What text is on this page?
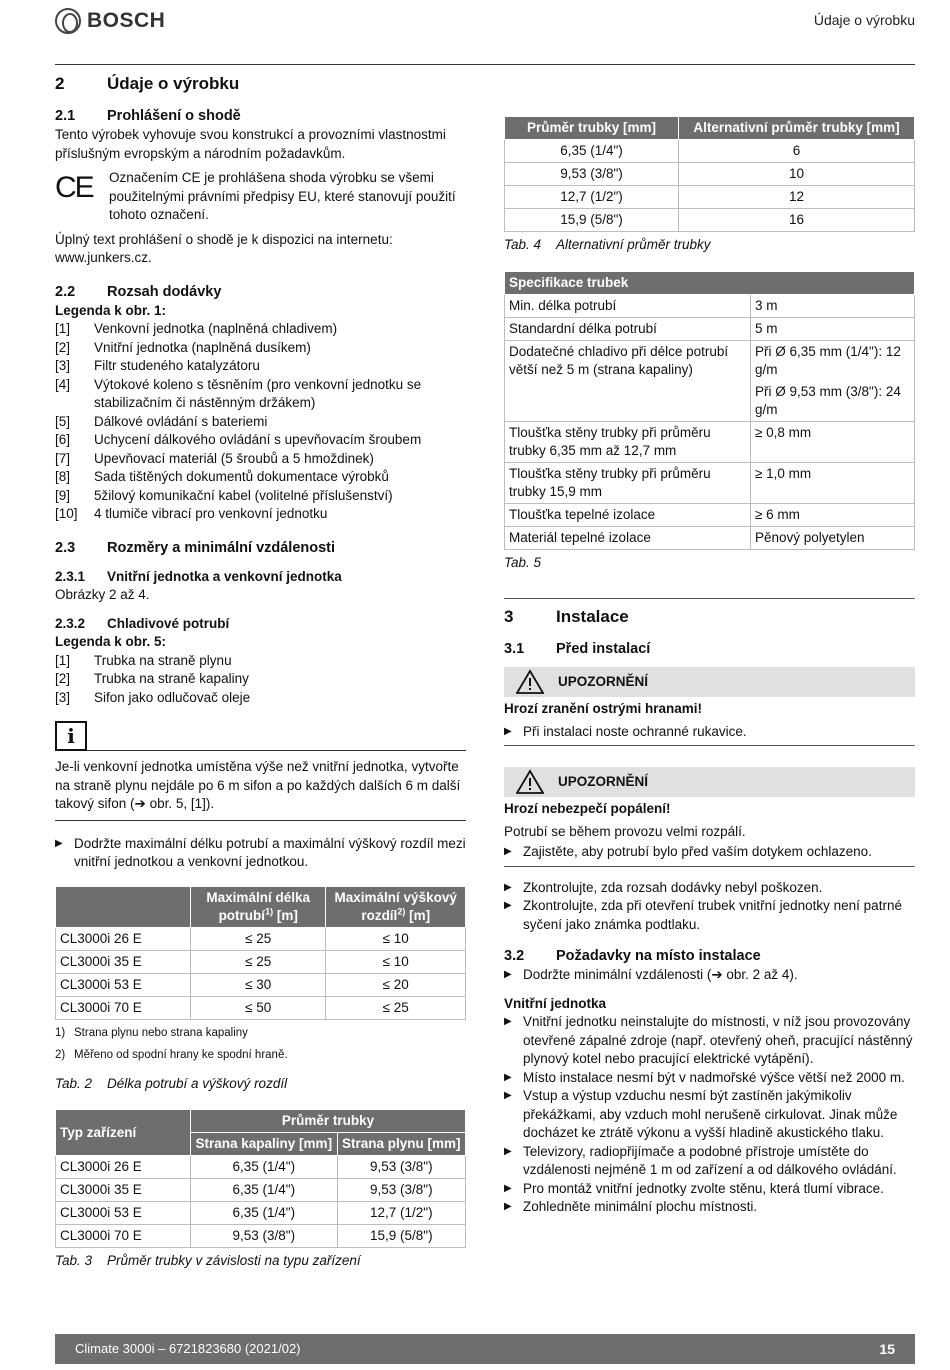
BOSCH	Údaje o výrobku
2	Údaje o výrobku
2.1	Prohlášení o shodě

Tento výrobek vyhovuje svou konstrukcí a provozními vlastnostmi příslušným evropským a národním požadavkům.

CE	Označením CE je prohlášena shoda výrobku se všemi použitelnými právními předpisy EU, které stanovují použití tohoto označení.

Úplný text prohlášení o shodě je k dispozici na internetu: www.junkers.cz.

2.2	Rozsah dodávky

Legenda k obr. 1:

[1]	Venkovní jednotka (naplněná chladivem)
[2]	Vnitřní jednotka (naplněná dusíkem)
[3]	Filtr studeného katalyzátoru
[4]	Výtokové koleno s těsněním (pro venkovní jednotku se stabilizačním či nástěnným držákem)
[5]	Dálkové ovládání s bateriemi
[6]	Uchycení dálkového ovládání s upevňovacím šroubem
[7]	Upevňovací materiál (5 šroubů a 5 hmoždinek)
[8]	Sada tištěných dokumentů dokumentace výrobků
[9]	5žilový komunikační kabel (volitelné příslušenství)
[10]	4 tlumiče vibrací pro venkovní jednotku
2.3	Rozměry a minimální vzdálenosti
2.3.1	Vnitřní jednotka a venkovní jednotka

Obrázky 2 až 4.

2.3.2	Chladivové potrubí

Legenda k obr. 5:

[1]	Trubka na straně plynu
[2]	Trubka na straně kapaliny
[3]	Sifon jako odlučovač oleje
i

Je-li venkovní jednotka umístěna výše než vnitřní jednotka, vytvořte na straně plynu nejdále po 6 m sifon a po každých dalších 6 m další takový sifon (➔ obr. 5, [1]).

▶ Dodržte maximální délku potrubí a maximální výškový rozdíl mezi vnitřní jednotkou a venkovní jednotkou.
	Maximální délka potrubí$^{1)}$ [m]	Maximální výškový rozdíl$^{2)}$ [m]
CL3000i 26 E	≤ 25	≤ 10
CL3000i 35 E	≤ 25	≤ 10
CL3000i 53 E	≤ 30	≤ 20
CL3000i 70 E	≤ 50	≤ 25
1) Strana plynu nebo strana kapaliny
2) Měřeno od spodní hrany ke spodní hraně.
Tab. 2	Délka potrubí a výškový rozdíl
Typ zařízení	Průměr trubky	
	Strana kapaliny [mm]	Strana plynu [mm]
CL3000i 26 E	6,35 (1/4")	9,53 (3/8")
CL3000i 35 E	6,35 (1/4")	9,53 (3/8")
CL3000i 53 E	6,35 (1/4")	12,7 (1/2")
CL3000i 70 E	9,53 (3/8")	15,9 (5/8")
Tab. 3	Průměr trubky v závislosti na typu zařízení
Průměr trubky [mm]	Alternativní průměr trubky [mm]
6,35 (1/4")	6
9,53 (3/8")	10
12,7 (1/2")	12
15,9 (5/8")	16
Tab. 4	Alternativní průměr trubky
Specifikace trubek	
Min. délka potrubí	3 m
Standardní délka potrubí	5 m
Dodatečné chladivo při délce potrubí větší než 5 m (strana kapaliny)	Při Ø 6,35 mm (1/4"): 12 g/m
Při Ø 9,53 mm (3/8"): 24 g/m

Tloušťka stěny trubky při průměru trubky 6,35 mm až 12,7 mm	≥ 0,8 mm
Tloušťka stěny trubky při průměru trubky 15,9 mm	≥ 1,0 mm
Tloušťka tepelné izolace	≥ 6 mm
Materiál tepelné izolace	Pěnový polyetylen
Tab. 5
3	Instalace
3.1	Před instalací
UPOZORNĚNÍ

Hrozí zranění ostrými hranami!

▶ Při instalaci noste ochranné rukavice.
UPOZORNĚNÍ

Hrozí nebezpečí popálení!

Potrubí se během provozu velmi rozpálí.

▶ Zajistěte, aby potrubí bylo před vaším dotykem ochlazeno.
▶ Zkontrolujte, zda rozsah dodávky nebyl poškozen.
▶ Zkontrolujte, zda při otevření trubek vnitřní jednotky není patrné syčení jako známka podtlaku.
3.2	Požadavky na místo instalace
▶ Dodržte minimální vzdálenosti (➔ obr. 2 až 4).

Vnitřní jednotka

▶ Vnitřní jednotku neinstalujte do místnosti, v níž jsou provozovány otevřené zápalné zdroje (např. otevřený oheň, pracující nástěnný plynový kotel nebo pracující elektrické vytápění).
▶ Místo instalace nesmí být v nadmořské výšce větší než 2000 m.
▶ Vstup a výstup vzduchu nesmí být zastíněn jakýmikoliv překážkami, aby vzduch mohl nerušeně cirkulovat. Jinak může docházet ke ztrátě výkonu a vyšší hladině akustického tlaku.
▶ Televizory, radiopřijímače a podobné přístroje umístěte do vzdálenosti nejméně 1 m od zařízení a od dálkového ovládání.
▶ Pro montáž vnitřní jednotky zvolte stěnu, která tlumí vibrace.
▶ Zohledněte minimální plochu místnosti.
Climate 3000i – 6721823680 (2021/02)	15
